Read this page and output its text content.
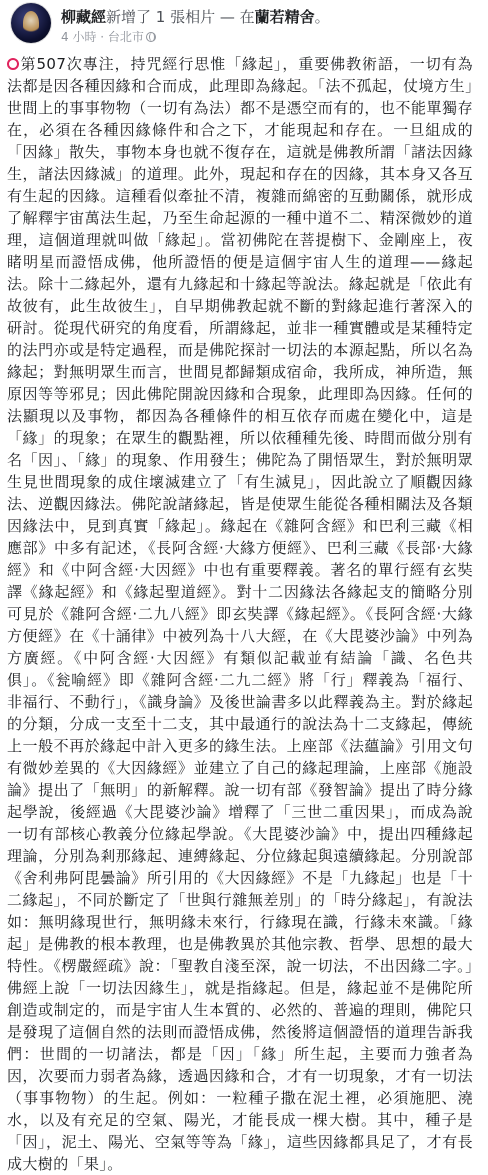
柳藏經新增了 1 張相片 — 在蘭若精舍。
4 小時 · 台北市
第507次專注，持咒經行思惟「緣起」，重要佛教術語，一切有為法都是因各種因緣和合而成，此理即為緣起。「法不孤起，仗境方生」世間上的事事物物（一切有為法）都不是憑空而有的，也不能單獨存在，必須在各種因緣條件和合之下，才能現起和存在。一旦組成的「因緣」散失，事物本身也就不復存在，這就是佛教所謂「諸法因緣生，諸法因緣滅」的道理。此外，現起和存在的因緣，其本身又各互有生起的因緣。這種看似牽扯不清，複雜而綿密的互動關係，就形成了解釋宇宙萬法生起，乃至生命起源的一種中道不二、精深微妙的道理，這個道理就叫做「緣起」。當初佛陀在菩提樹下、金剛座上，夜睹明星而證悟成佛，他所證悟的便是這個宇宙人生的道理——緣起法。除十二緣起外，還有九緣起和十緣起等說法。緣起就是「依此有故彼有，此生故彼生」，自早期佛教起就不斷的對緣起進行著深入的研討。從現代研究的角度看，所謂緣起，並非一種實體或是某種特定的法門亦或是特定過程，而是佛陀探討一切法的本源起點，所以名為緣起；對無明眾生而言，世間見都歸類成宿命，我所成，神所造，無原因等等邪見；因此佛陀開說因緣和合現象，此理即為因緣。任何的法顯現以及事物，都因為各種條件的相互依存而處在變化中，這是「緣」的現象；在眾生的觀點裡，所以依種種先後、時間而做分別有名「因」、「緣」的現象、作用發生；佛陀為了開悟眾生，對於無明眾生見世間現象的成住壞滅建立了「有生滅見」，因此說立了順觀因緣法、逆觀因緣法。佛陀說諸緣起，皆是使眾生能從各種相關法及各類因緣法中，見到真實「緣起」。緣起在《雜阿含經》和巴利三藏《相應部》中多有記述，《長阿含經·大緣方便經》、巴利三藏《長部·大緣經》和《中阿含經·大因經》中也有重要釋義。著名的單行經有玄奘譯《緣起經》和《緣起聖道經》。對十二因緣法各緣起支的簡略分別可見於《雜阿含經·二九八經》即玄奘譯《緣起經》。《長阿含經·大緣方便經》在《十誦律》中被列為十八大經，在《大毘婆沙論》中列為方廣經。《中阿含經·大因經》有類似記載並有結論「識、名色共俱」。《瓮喻經》即《雜阿含經·二九二經》將「行」釋義為「福行、非福行、不動行」，《識身論》及後世論書多以此釋義為主。對於緣起的分類，分成一支至十二支，其中最通行的說法為十二支緣起，傳統上一般不再於緣起中計入更多的緣生法。上座部《法蘊論》引用文句有微妙差異的《大因緣經》並建立了自己的緣起理論，上座部《施設論》提出了「無明」的新解釋。說一切有部《發智論》提出了時分緣起學說，後經過《大毘婆沙論》增釋了「三世二重因果」，而成為說一切有部核心教義分位緣起學說。《大毘婆沙論》中，提出四種緣起理論，分別為剎那緣起、連縛緣起、分位緣起與遠續緣起。分別說部《舍利弗阿毘曇論》所引用的《大因緣經》不是「九緣起」也是「十二緣起」，不同於斷定了「世與行雜無差別」的「時分緣起」，有說法如：無明緣現世行，無明緣未來行，行緣現在識，行緣未來識。「緣起」是佛教的根本教理，也是佛教異於其他宗教、哲學、思想的最大特性。《楞嚴經疏》說：「聖教自淺至深，說一切法，不出因緣二字。」佛經上說「一切法因緣生」，就是指緣起。但是，緣起並不是佛陀所創造或制定的，而是宇宙人生本質的、必然的、普遍的理則，佛陀只是發現了這個自然的法則而證悟成佛，然後將這個證悟的道理告訴我們：世間的一切諸法，都是「因」「緣」所生起，主要而力強者為因，次要而力弱者為緣，透過因緣和合，才有一切現象，才有一切法（事事物物）的生起。例如：一粒種子撒在泥土裡，必須施肥、澆水，以及有充足的空氣、陽光，才能長成一棵大樹。其中，種子是「因」，泥土、陽光、空氣等等為「緣」，這些因緣都具足了，才有長成大樹的「果」。
